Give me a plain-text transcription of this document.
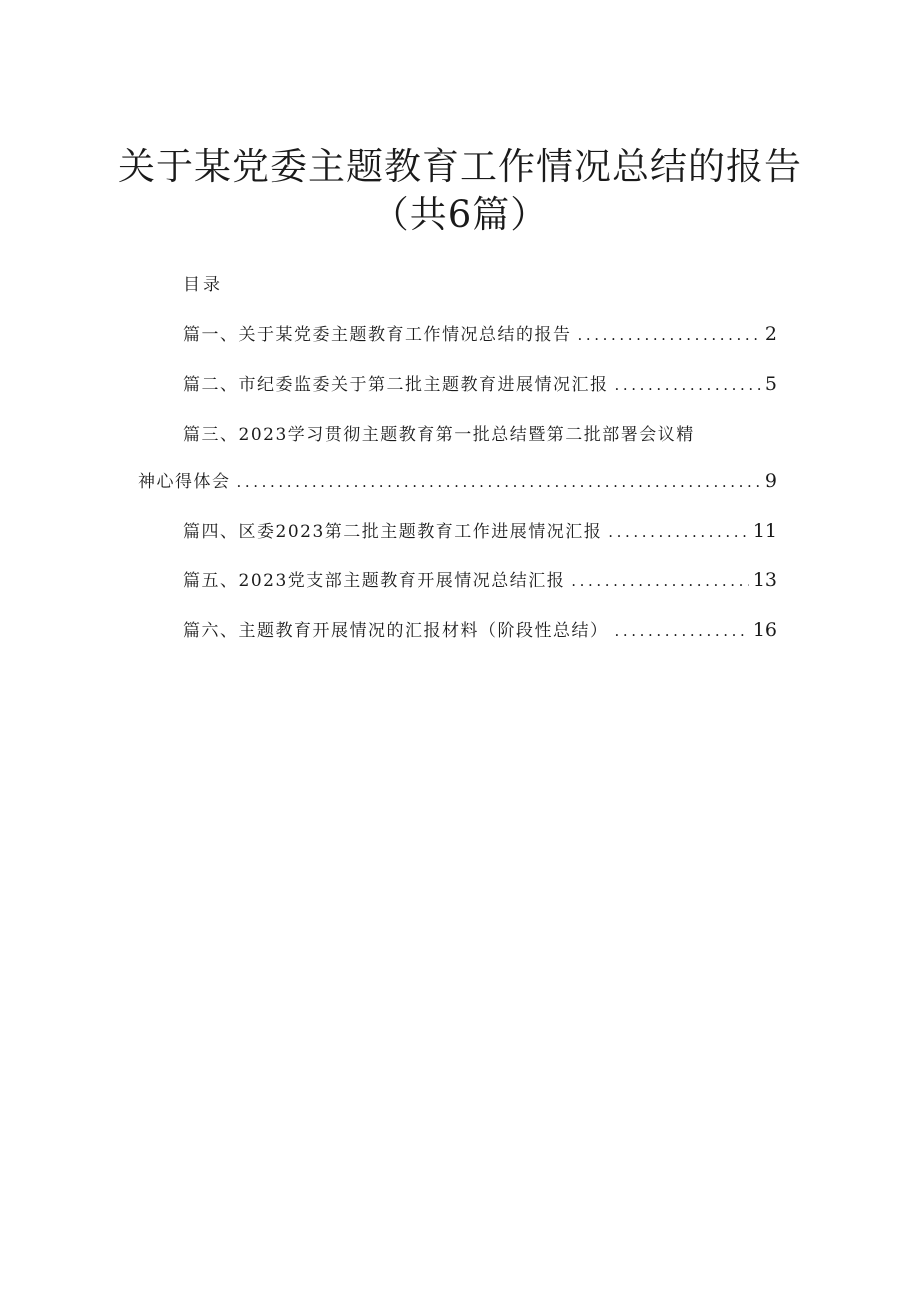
关于某党委主题教育工作情况总结的报告
（共6篇）
目录
篇一、关于某党委主题教育工作情况总结的报告 .....	2
篇二、市纪委监委关于第二批主题教育进展情况汇报 .....	5
篇三、2023学习贯彻主题教育第一批总结暨第二批部署会议精
神心得体会 .....	9
篇四、区委2023第二批主题教育工作进展情况汇报 .....	11
篇五、2023党支部主题教育开展情况总结汇报 .....	13
篇六、主题教育开展情况的汇报材料（阶段性总结） .....	16
